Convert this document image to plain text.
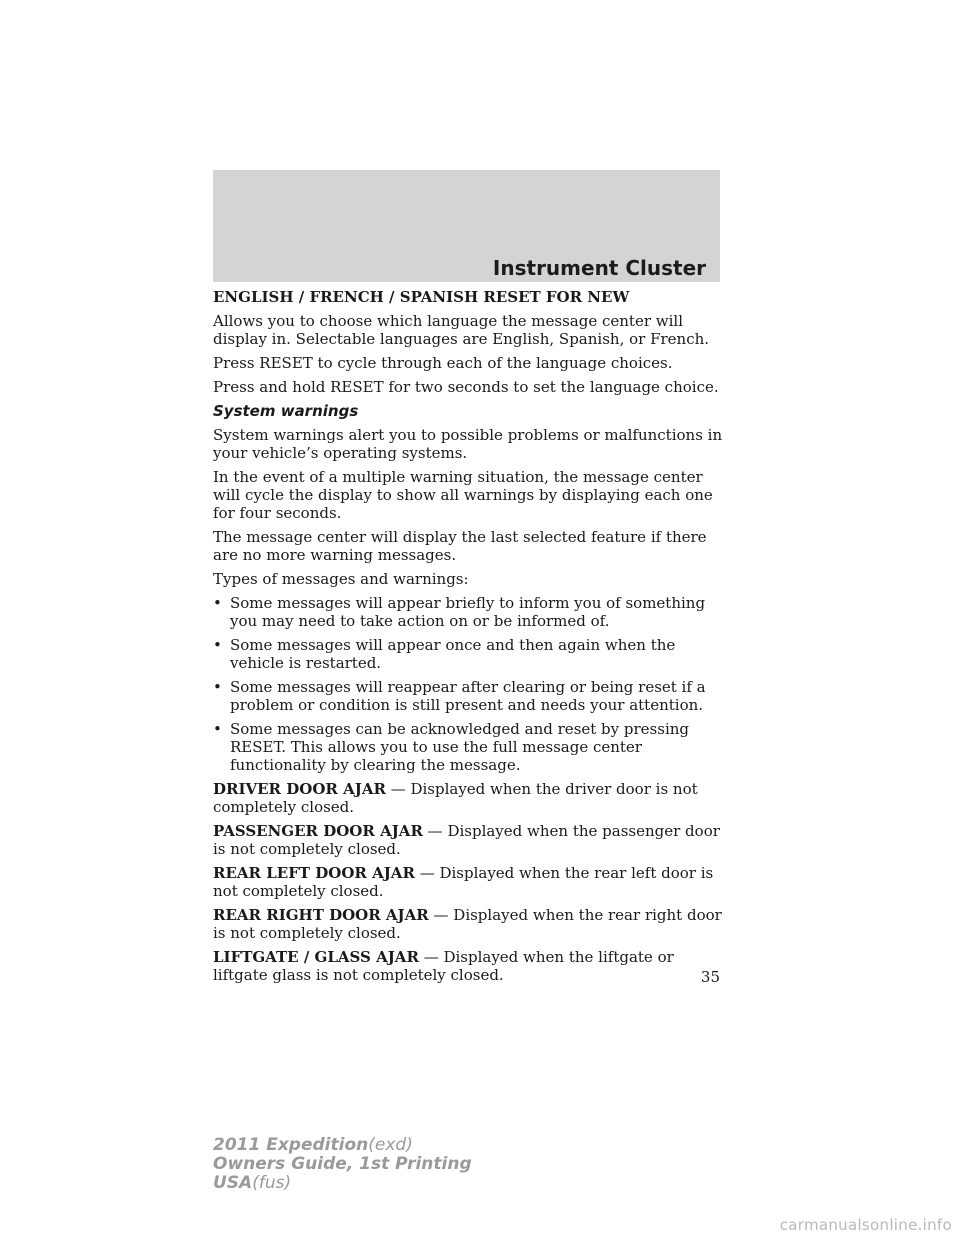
Instrument Cluster

ENGLISH / FRENCH / SPANISH RESET FOR NEW

Allows you to choose which language the message center will display in. Selectable languages are English, Spanish, or French.

Press RESET to cycle through each of the language choices.

Press and hold RESET for two seconds to set the language choice.

System warnings

System warnings alert you to possible problems or malfunctions in your vehicle’s operating systems.

In the event of a multiple warning situation, the message center will cycle the display to show all warnings by displaying each one for four seconds.

The message center will display the last selected feature if there are no more warning messages.

Types of messages and warnings:

• Some messages will appear briefly to inform you of something you may need to take action on or be informed of.
• Some messages will appear once and then again when the vehicle is restarted.
• Some messages will reappear after clearing or being reset if a problem or condition is still present and needs your attention.
• Some messages can be acknowledged and reset by pressing RESET. This allows you to use the full message center functionality by clearing the message.

DRIVER DOOR AJAR — Displayed when the driver door is not completely closed.

PASSENGER DOOR AJAR — Displayed when the passenger door is not completely closed.

REAR LEFT DOOR AJAR — Displayed when the rear left door is not completely closed.

REAR RIGHT DOOR AJAR — Displayed when the rear right door is not completely closed.

LIFTGATE / GLASS AJAR — Displayed when the liftgate or liftgate glass is not completely closed.	35
2011 Expedition(exd)
Owners Guide, 1st Printing
USA(fus)
carmanualsonline.info
